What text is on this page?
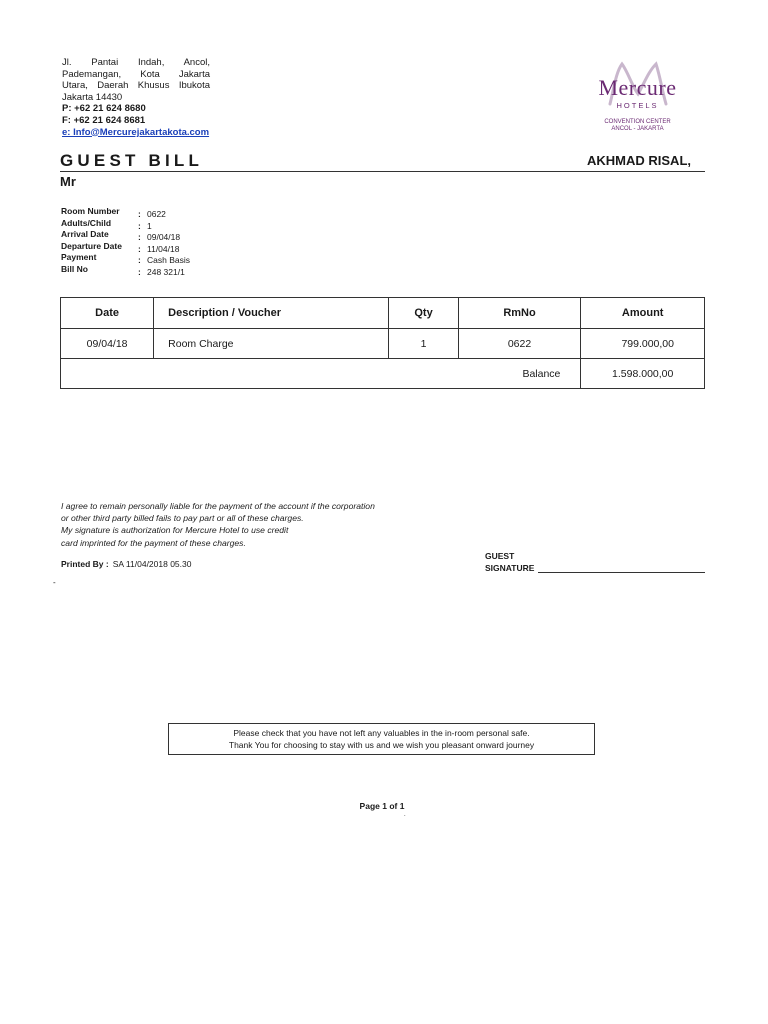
Jl. Pantai Indah, Ancol,
Pademangan, Kota Jakarta
Utara, Daerah Khusus Ibukota
Jakarta 14430
P: +62 21 624 8680
F: +62 21 624 8681
e: Info@Mercurejakartakota.com
Mercure
HOTELS
CONVENTION CENTER
ANCOL - JAKARTA
GUEST BILL	AKHMAD RISAL,
Mr
Room Number : 0622
Adults/Child	: 1
Arrival Date	: 09/04/18
Departure Date : 11/04/18
Payment	: Cash Basis
Bill No	: 248 321/1
Date	Description / Voucher	Qty	RmNo	Amount
09/04/18	Room Charge	1	0622	799.000,00
Balance				1.598.000,00
I agree to remain personally liable for the payment of the account if the corporation
or other third party billed fails to pay part or all of these charges.
My signature is authorization for Mercure Hotel to use credit
card imprinted for the payment of these charges.
Printed By : SA 11/04/2018 05.30
-
GUEST
SIGNATURE
Please check that you have not left any valuables in the in-room personal safe.
Thank You for choosing to stay with us and we wish you pleasant onward journey
Page 1 of 1
.
